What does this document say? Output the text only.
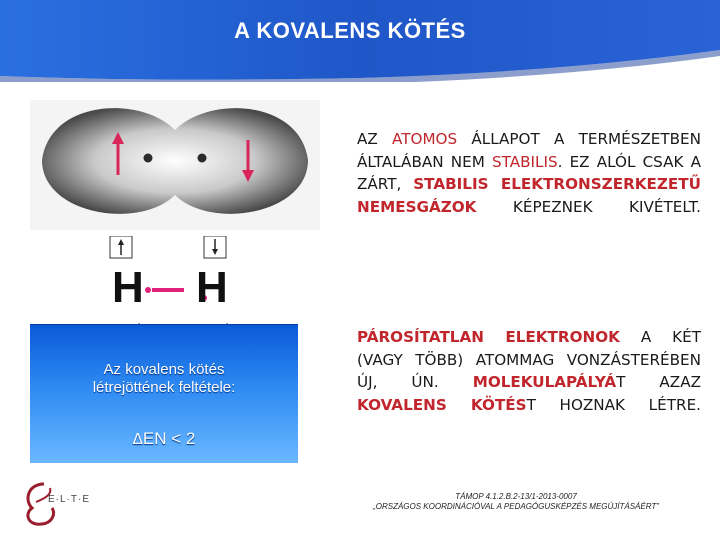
A KOVALENS KÖTÉS
H H
Az kovalens kötés
létrejöttének feltétele:
ΔEN < 2
AZ ATOMOS ÁLLAPOT A TERMÉSZETBEN ÁLTALÁBAN NEM STABILIS. EZ ALÓL CSAK A ZÁRT, STABILIS ELEKTRONSZERKEZETŰ NEMESGÁZOK KÉPEZNEK KIVÉTELT.
PÁROSÍTATLAN ELEKTRONOK A KÉT (VAGY TÖBB) ATOMMAG VONZÁSTERÉBEN ÚJ, ÚN. MOLEKULAPÁLYÁT AZAZ KOVALENS KÖTÉST HOZNAK LÉTRE.
E·L·T·E	TÁMOP 4.1.2.B.2-13/1-2013-0007
„ORSZÁGOS KOORDINÁCIÓVAL A PEDAGÓGUSKÉPZÉS MEGÚJÍTÁSÁÉRT”
